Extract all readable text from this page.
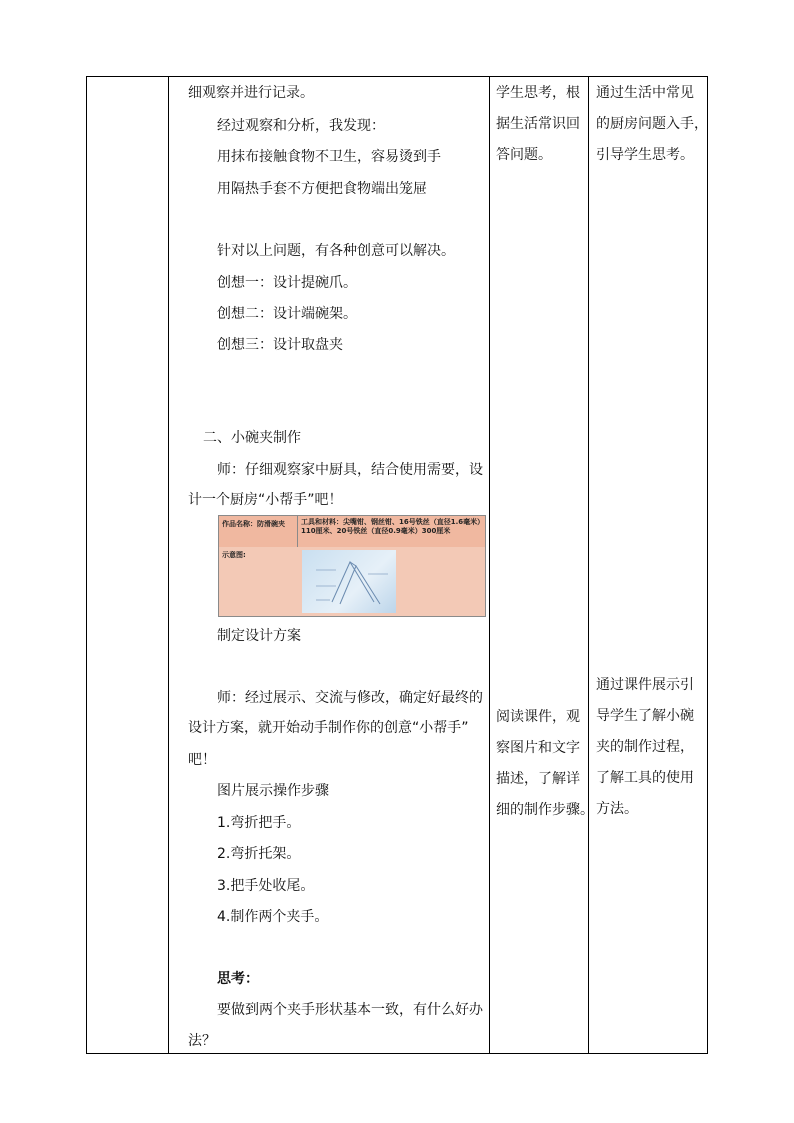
细观察并进行记录。
经过观察和分析，我发现：
用抹布接触食物不卫生，容易烫到手
用隔热手套不方便把食物端出笼屉
针对以上问题，有各种创意可以解决。
创想一：设计提碗爪。
创想二：设计端碗架。
创想三：设计取盘夹
二、小碗夹制作
师：仔细观察家中厨具，结合使用需要，设
计一个厨房“小帮手”吧！
作品名称：防滑碗夹 工具和材料：尖嘴钳、钢丝钳、16号铁丝（直径1.6毫米）110厘米、20号铁丝（直径0.9毫米）300厘米
示意图:
制定设计方案
师：经过展示、交流与修改，确定好最终的
设计方案，就开始动手制作你的创意“小帮手”
吧！
图片展示操作步骤
1.弯折把手。
2.弯折托架。
3.把手处收尾。
4.制作两个夹手。
思考：
要做到两个夹手形状基本一致，有什么好办
法？
学生思考，根
据生活常识回
答问题。
阅读课件，观
察图片和文字
描述，了解详
细的制作步骤。
通过生活中常见
的厨房问题入手，
引导学生思考。
通过课件展示引
导学生了解小碗
夹的制作过程，
了解工具的使用
方法。
